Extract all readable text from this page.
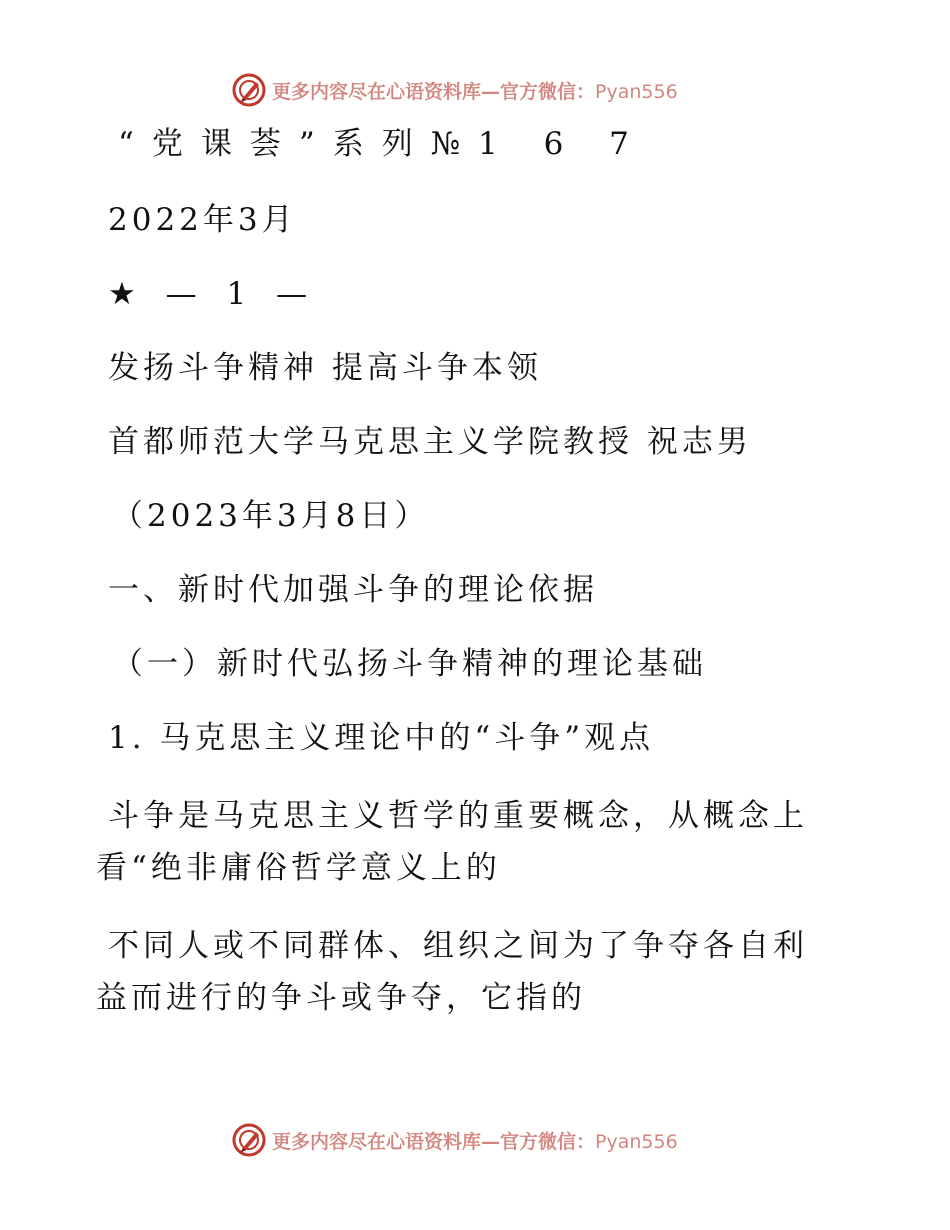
更多内容尽在心语资料库—官方微信：Pyan556
“党课荟”系列№1 6 7
2022年3月
★ — 1 —
发扬斗争精神 提高斗争本领
首都师范大学马克思主义学院教授 祝志男
（2023年3月8日）
一、新时代加强斗争的理论依据
（一）新时代弘扬斗争精神的理论基础
1. 马克思主义理论中的“斗争”观点
斗争是马克思主义哲学的重要概念，从概念上看“绝非庸俗哲学意义上的
不同人或不同群体、组织之间为了争夺各自利益而进行的争斗或争夺，它指的
更多内容尽在心语资料库—官方微信：Pyan556
